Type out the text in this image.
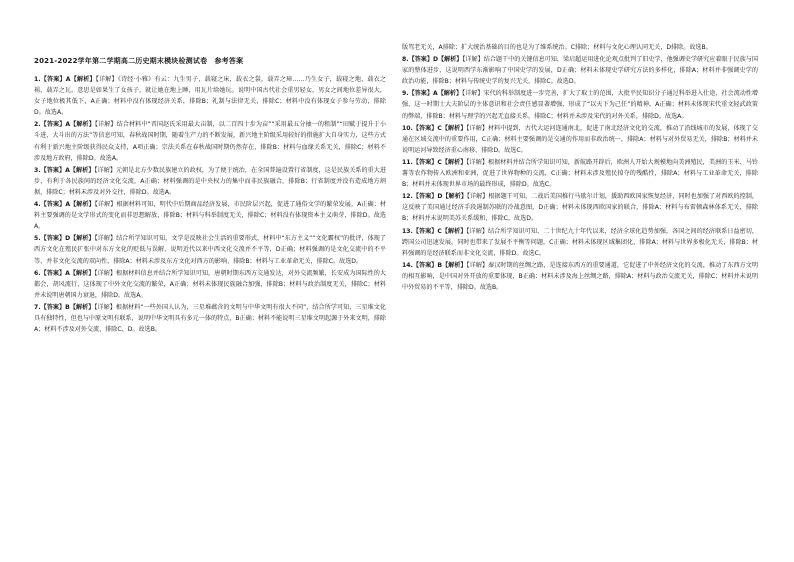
2021-2022学年第二学期高二历史期末模块检测试卷　参考答案
1.【答案】A【解析】【详解】《诗经·小雅》有云：九生男子，载寝之床，载衣之裳，载弄之璋……乃生女子，载寝之地，载衣之裼，载弄之瓦。意思是如果生了女孩子，就让她在地上睡，用瓦片给她玩。说明中国古代社会重男轻女，男女之间地位差异很大，女子地位极其低下，A正确；材料中没有体现经济关系，排除B；礼制与法律无关，排除C；材料中没有体现女子参与劳动，排除D。故选A。
2.【答案】A【解析】【详解】结合材料中“晋国赵氏采用最大亩制，以二百四十步为亩”“采用最五分抽一的租制”“田赋于提升于小斗进，大斗出的方法”等信息可知，春秋战国时期，随着生产力的不断发展，新兴地主阶级采用较好的措施扩大自身实力，这些方式有利于新兴地主阶级获得民众支持，A项正确；宗法关系在春秋战国时期仍然存在，排除B；材料与血缘关系无关，排除C；材料不涉及地方政府，排除D。故选A。
3.【答案】A【解析】【详解】元朝是北方少数民族建立的政权，为了便于统治，在全国普遍设置行省制度，这是民族关系的重大进步，有利于各民族间的经济文化交流，A正确；材料强调的是中央权力的集中而非民族融合，排除B；行省制度并没有造成地方割据，排除C；材料未涉及对外交往，排除D。故选A。
4.【答案】A【解析】【详解】根据材料可知，明代中后期商品经济发展，市民阶层兴起，促进了通俗文学的繁荣发展，A正确；材料主要强调的是文学形式的变化而非思想解放，排除B；材料与科举制度无关，排除C；材料没有体现资本主义萌芽，排除D。故选A。
5.【答案】D【解析】【详解】结合所学知识可知，文学是反映社会生活的重要形式，材料中“东方主义”“文化霸权”的批评，体现了西方文化在殖民扩张中对东方文化的贬低与误解，说明近代以来中西文化交流并不平等，D正确；材料强调的是文化交流中的不平等，并非文化交流的双向性，排除A；材料未涉及东方文化对西方的影响，排除B；材料与工业革命无关，排除C。故选D。
6.【答案】A【解析】【详解】根据材料信息并结合所学知识可知，唐朝时期东西方交通发达，对外交流频繁，长安成为国际性的大都会，胡风流行，这体现了中外文化交流的繁荣，A正确；材料未体现民族融合加强，排除B；材料与政治制度无关，排除C；材料并未说明唐朝国力衰退，排除D。故选A。
7.【答案】B【解析】【详解】根据材料“一些外国人认为，三星堆蕴含的文明与中华文明有很大不同”，结合所学可知，三星堆文化具有独特性，但也与中原文明有联系，说明中华文明具有多元一体的特点，B正确；材料不能说明三星堆文明起源于外来文明，排除A；材料不涉及对外交流，排除C、D。故选B。
版驾老无关，A排除；扩大统治基础的目的也是为了维系统治。C排除；材料与文化心理认同无关，D排除。故选B。
8.【答案】D【解析】【详解】结合题干中的关键信息可知，梁启超运用进化论观点批判了旧史学，他强调史学研究应着眼于民族与国家的整体进步，这说明西学东渐影响了中国史学的发展，D正确；材料未体现史学研究方法的多样化，排除A；材料并非强调史学的政治功能，排除B；材料与传统史学的复兴无关，排除C。故选D。
9.【答案】A【解析】【详解】宋代的科举制度进一步完善，扩大了取士的范围，大批平民知识分子通过科举进入仕途，社会流动性增强，这一时期士大夫阶层的主体意识和社会责任感显著增强，形成了“以天下为己任”的精神，A正确；材料未体现宋代重文轻武政策的弊端，排除B；材料与理学的兴起无直接关系，排除C；材料并未涉及宋代的对外关系，排除D。故选A。
10.【答案】C【解析】【详解】材料中提到，古代大运河连通南北，促进了南北经济文化的交流，推动了沿线城市的发展，体现了交通在区域交流中的重要作用，C正确；材料主要强调的是交通的作用而非政治统一，排除A；材料与对外贸易无关，排除B；材料并未说明运河导致经济重心南移，排除D。故选C。
11.【答案】C【解析】【详解】根据材料并结合所学知识可知，新航路开辟后，欧洲人开始大规模地向美洲殖民，美洲的玉米、马铃薯等农作物传入欧洲和亚洲，促进了世界物种的交流，C正确；材料未涉及殖民掠夺的残酷性，排除A；材料与工业革命无关，排除B；材料并未体现世界市场的最终形成，排除D。故选C。
12.【答案】D【解析】【详解】根据题干可知，二战后美国推行马歇尔计划，援助西欧国家恢复经济，同时也加强了对西欧的控制，这反映了美国通过经济手段遏制苏联的冷战意图，D正确；材料未体现西欧国家的联合，排除A；材料与布雷顿森林体系无关，排除B；材料并未说明美苏关系缓和，排除C。故选D。
13.【答案】C【解析】【详解】结合所学知识可知，二十世纪九十年代以来，经济全球化趋势加强，各国之间的经济联系日益密切，跨国公司迅速发展，同时也带来了发展不平衡等问题，C正确；材料未体现区域集团化，排除A；材料与世界多极化无关，排除B；材料强调的是经济联系而非文化交流，排除D。故选C。
14.【答案】B【解析】【详解】秦汉时期的丝绸之路，是连接东西方的重要通道，它促进了中外经济文化的交流，推动了东西方文明的相互影响，是中国对外开放的重要体现，B正确；材料未涉及海上丝绸之路，排除A；材料与政治交流无关，排除C；材料并未说明中外贸易的不平等，排除D。故选B。
